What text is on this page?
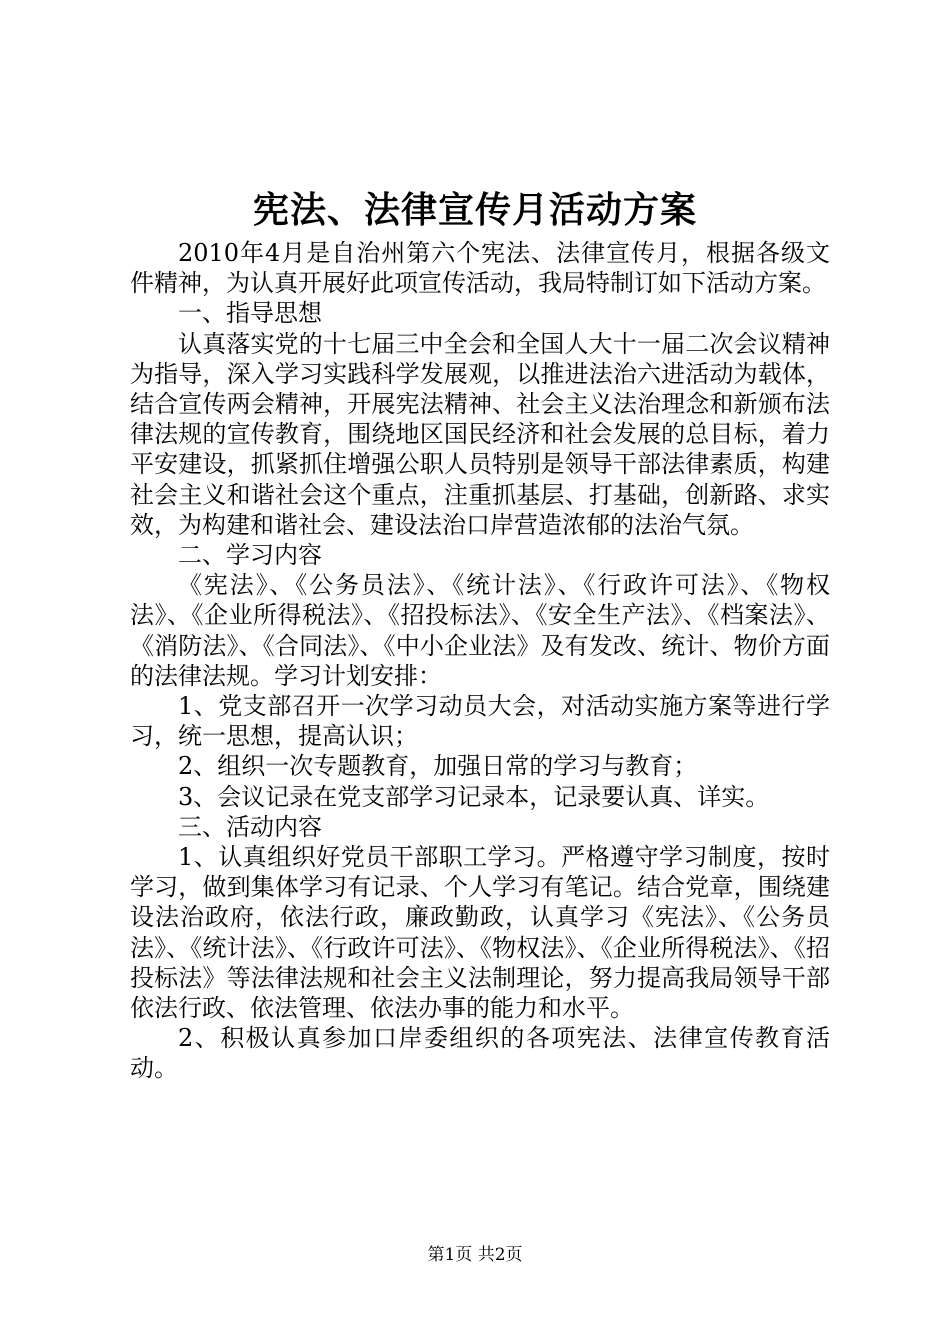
宪法、法律宣传月活动方案

2010年4月是自治州第六个宪法、法律宣传月，根据各级文件精神，为认真开展好此项宣传活动，我局特制订如下活动方案。

一、指导思想

认真落实党的十七届三中全会和全国人大十一届二次会议精神为指导，深入学习实践科学发展观，以推进法治六进活动为载体，结合宣传两会精神，开展宪法精神、社会主义法治理念和新颁布法律法规的宣传教育，围绕地区国民经济和社会发展的总目标，着力平安建设，抓紧抓住增强公职人员特别是领导干部法律素质，构建社会主义和谐社会这个重点，注重抓基层、打基础，创新路、求实效，为构建和谐社会、建设法治口岸营造浓郁的法治气氛。

二、学习内容

《宪法》、《公务员法》、《统计法》、《行政许可法》、《物权法》、《企业所得税法》、《招投标法》、《安全生产法》、《档案法》、《消防法》、《合同法》、《中小企业法》及有发改、统计、物价方面的法律法规。学习计划安排：

1、党支部召开一次学习动员大会，对活动实施方案等进行学习，统一思想，提高认识；

2、组织一次专题教育，加强日常的学习与教育；

3、会议记录在党支部学习记录本，记录要认真、详实。

三、活动内容

1、认真组织好党员干部职工学习。严格遵守学习制度，按时学习，做到集体学习有记录、个人学习有笔记。结合党章，围绕建设法治政府，依法行政，廉政勤政，认真学习《宪法》、《公务员法》、《统计法》、《行政许可法》、《物权法》、《企业所得税法》、《招投标法》等法律法规和社会主义法制理论，努力提高我局领导干部依法行政、依法管理、依法办事的能力和水平。

2、积极认真参加口岸委组织的各项宪法、法律宣传教育活动。

第1页 共2页
